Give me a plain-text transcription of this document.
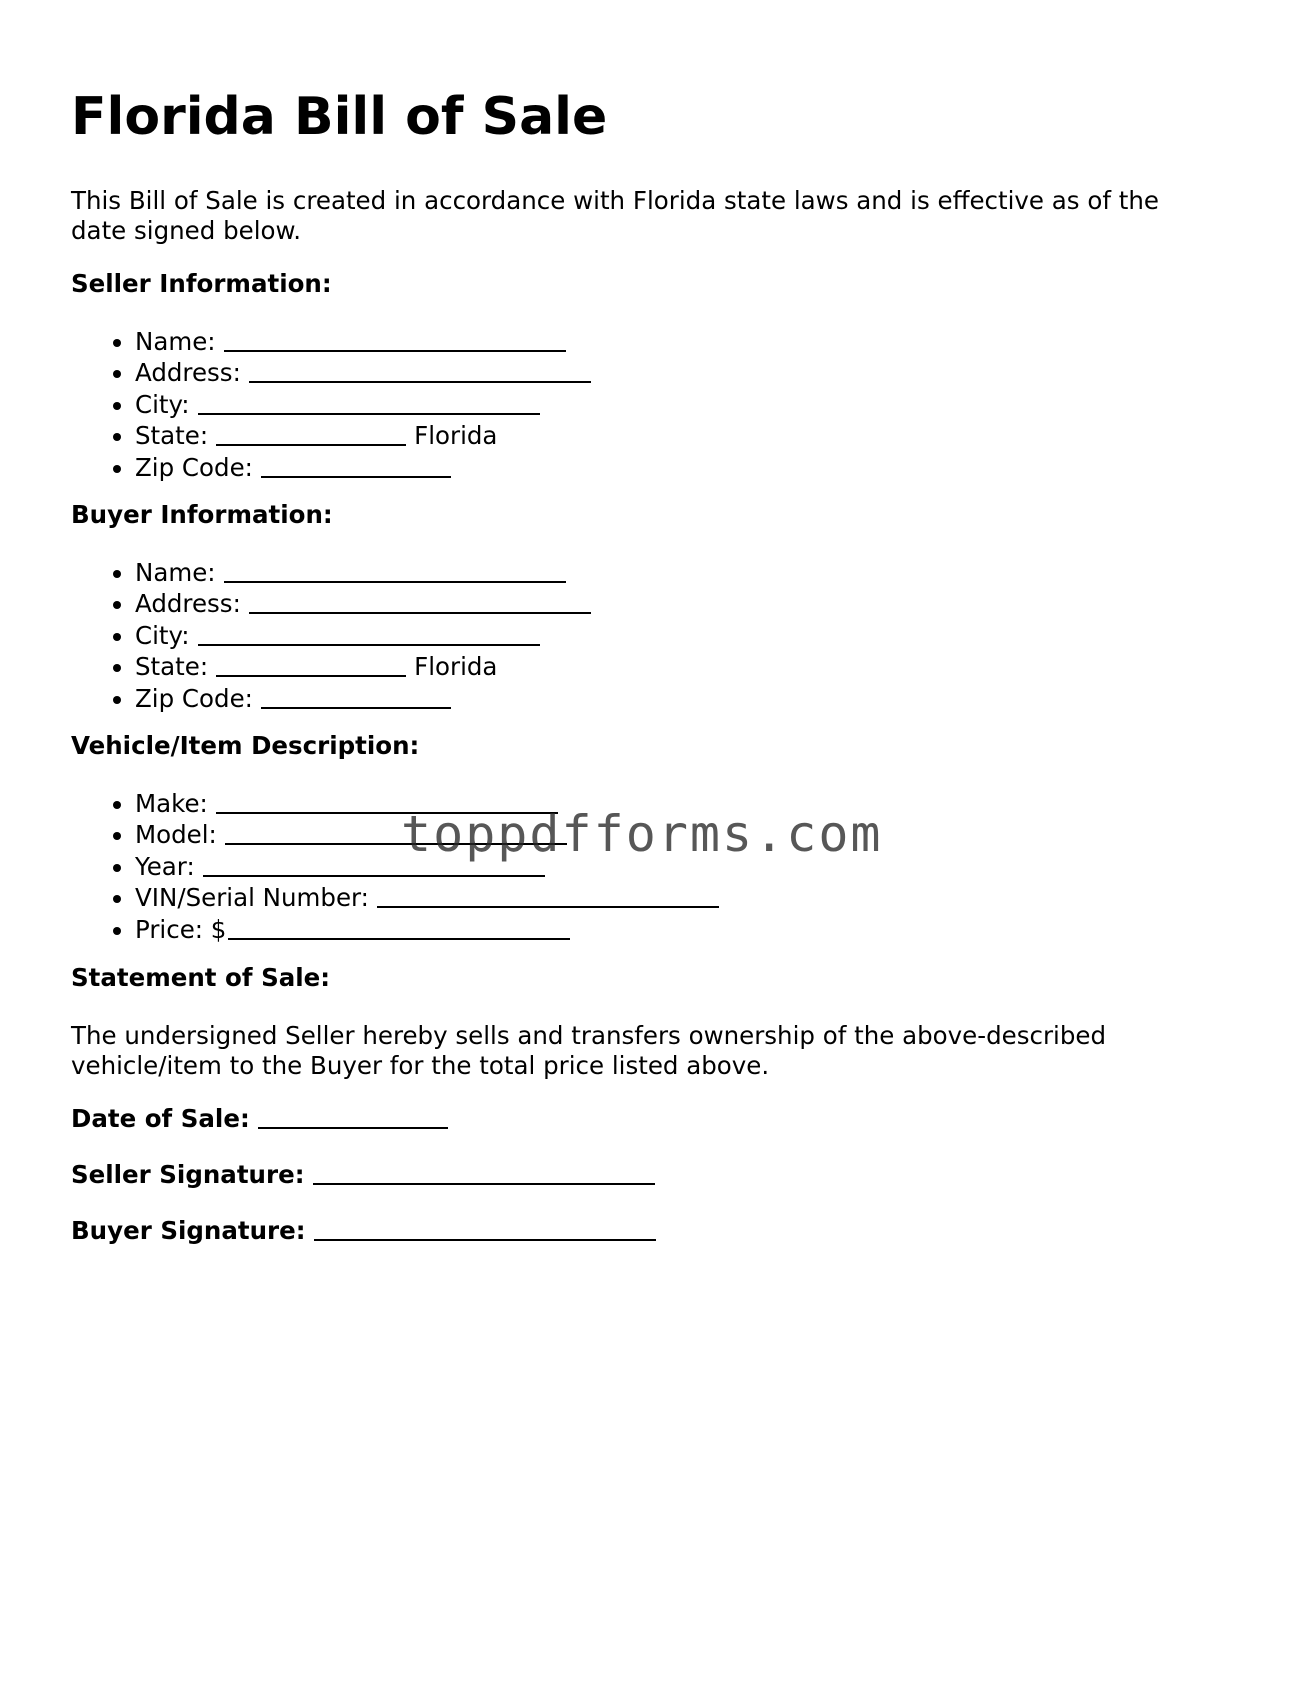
Florida Bill of Sale

This Bill of Sale is created in accordance with Florida state laws and is effective as of the date signed below.

Seller Information:
• Name:
• Address:
• City:
• State:	Florida
• Zip Code:
Buyer Information:
• Name:
• Address:
• City:
• State:	Florida
• Zip Code:
Vehicle/Item Description:
• Make:
• Model:
• Year:
• VIN/Serial Number:
• Price: $
Statement of Sale:

The undersigned Seller hereby sells and transfers ownership of the above-described vehicle/item to the Buyer for the total price listed above.

Date of Sale:

Seller Signature:

Buyer Signature:

toppdfforms.com
